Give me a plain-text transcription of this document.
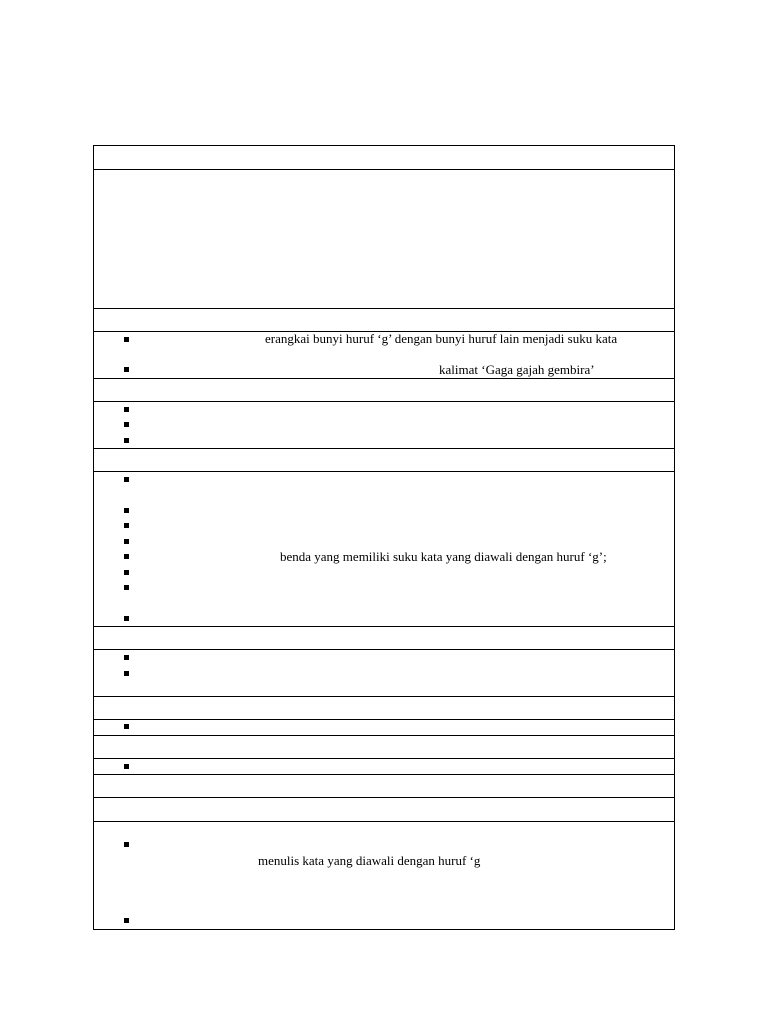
erangkai bunyi huruf ‘g’ dengan bunyi huruf lain menjadi suku kata
kalimat ‘Gaga gajah gembira’
benda yang memiliki suku kata yang diawali dengan huruf ‘g’;
menulis kata yang diawali dengan huruf ‘g
